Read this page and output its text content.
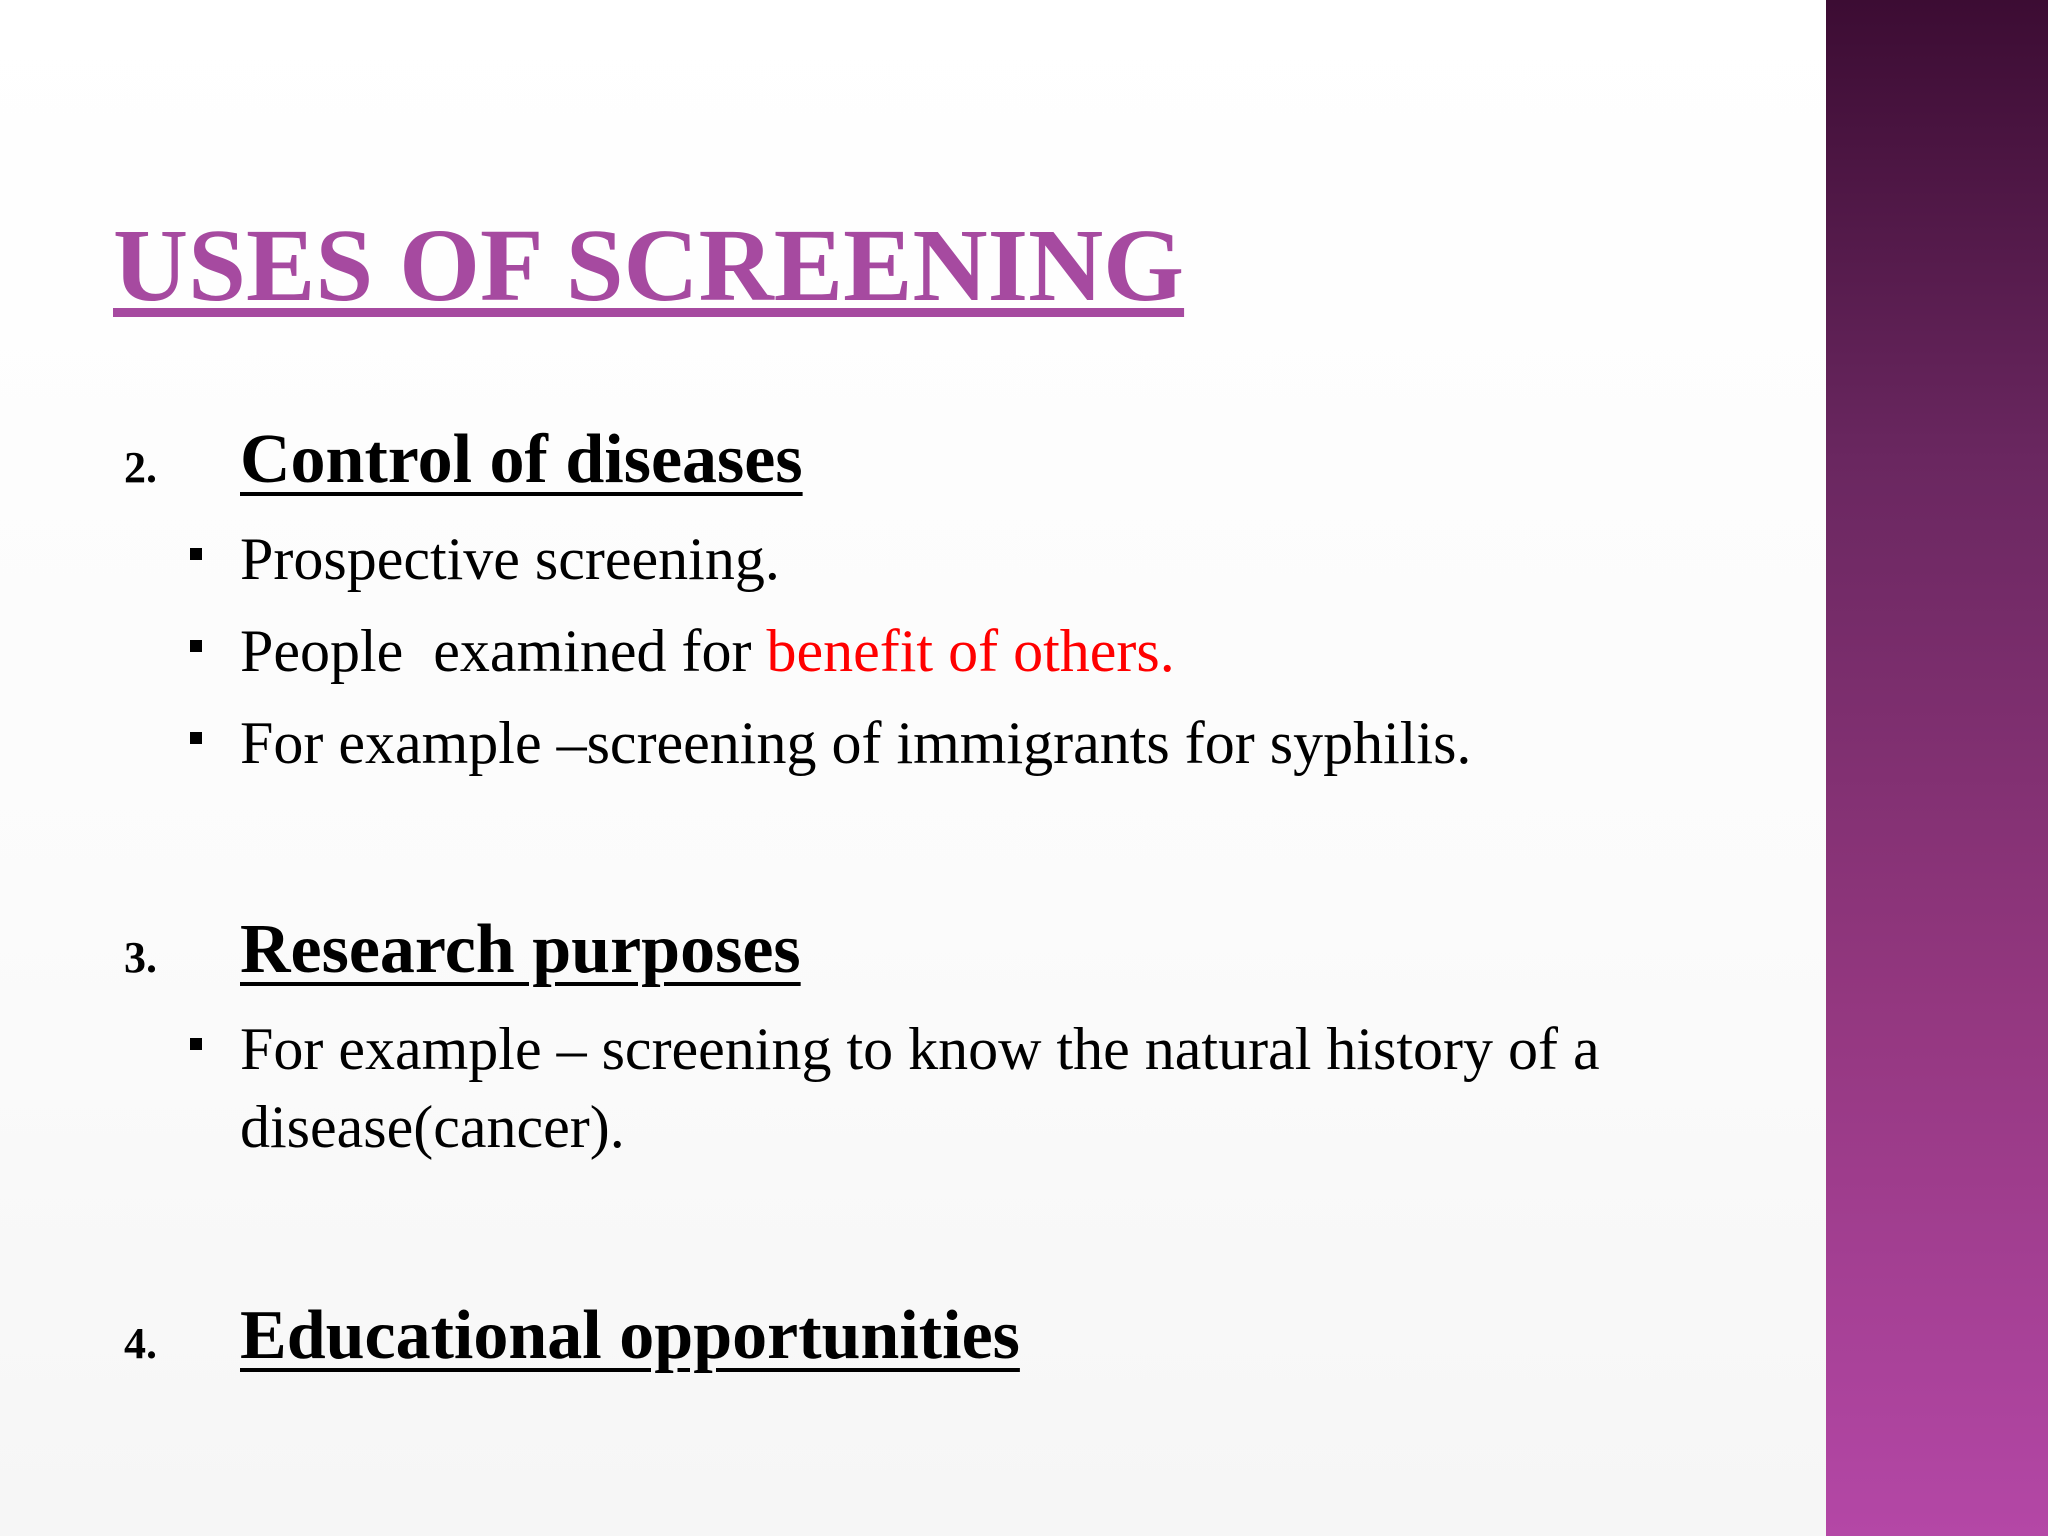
USES OF SCREENING
2. Control of diseases
Prospective screening.
People  examined for benefit of others.
For example –screening of immigrants for syphilis.
3. Research purposes
For example – screening to know the natural history of a disease(cancer).
4. Educational opportunities
